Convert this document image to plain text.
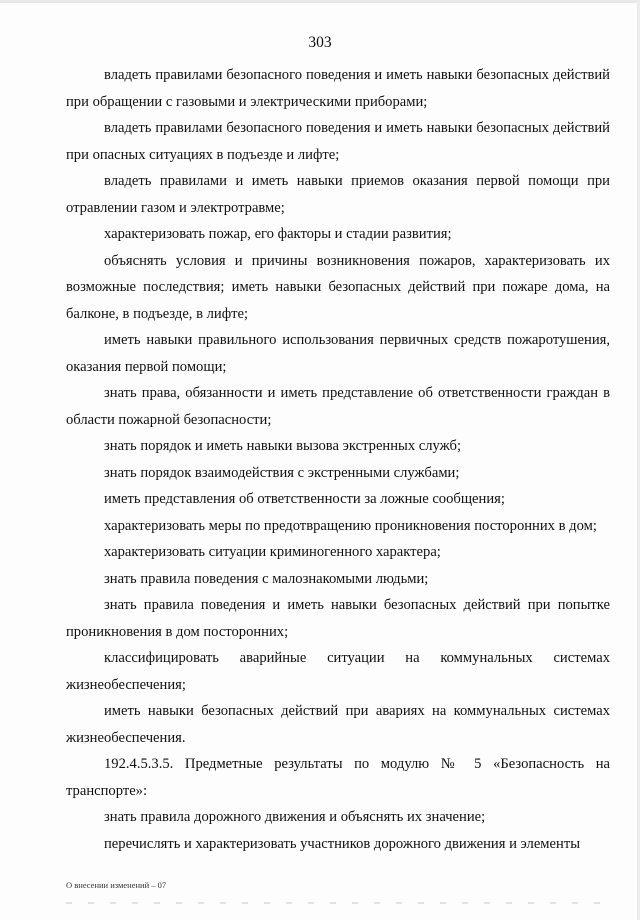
303

владеть правилами безопасного поведения и иметь навыки безопасных действий при обращении с газовыми и электрическими приборами;

владеть правилами безопасного поведения и иметь навыки безопасных действий при опасных ситуациях в подъезде и лифте;

владеть правилами и иметь навыки приемов оказания первой помощи при отравлении газом и электротравме;

характеризовать пожар, его факторы и стадии развития;

объяснять условия и причины возникновения пожаров, характеризовать их возможные последствия; иметь навыки безопасных действий при пожаре дома, на балконе, в подъезде, в лифте;

иметь навыки правильного использования первичных средств пожаротушения, оказания первой помощи;

знать права, обязанности и иметь представление об ответственности граждан в области пожарной безопасности;

знать порядок и иметь навыки вызова экстренных служб;

знать порядок взаимодействия с экстренными службами;

иметь представления об ответственности за ложные сообщения;

характеризовать меры по предотвращению проникновения посторонних в дом;

характеризовать ситуации криминогенного характера;

знать правила поведения с малознакомыми людьми;

знать правила поведения и иметь навыки безопасных действий при попытке проникновения в дом посторонних;

классифицировать аварийные ситуации на коммунальных системах жизнеобеспечения;

иметь навыки безопасных действий при авариях на коммунальных системах жизнеобеспечения.

192.4.5.3.5. Предметные результаты по модулю № 5 «Безопасность на транспорте»:

знать правила дорожного движения и объяснять их значение;

перечислять и характеризовать участников дорожного движения и элементы

О внесении изменений – 07
